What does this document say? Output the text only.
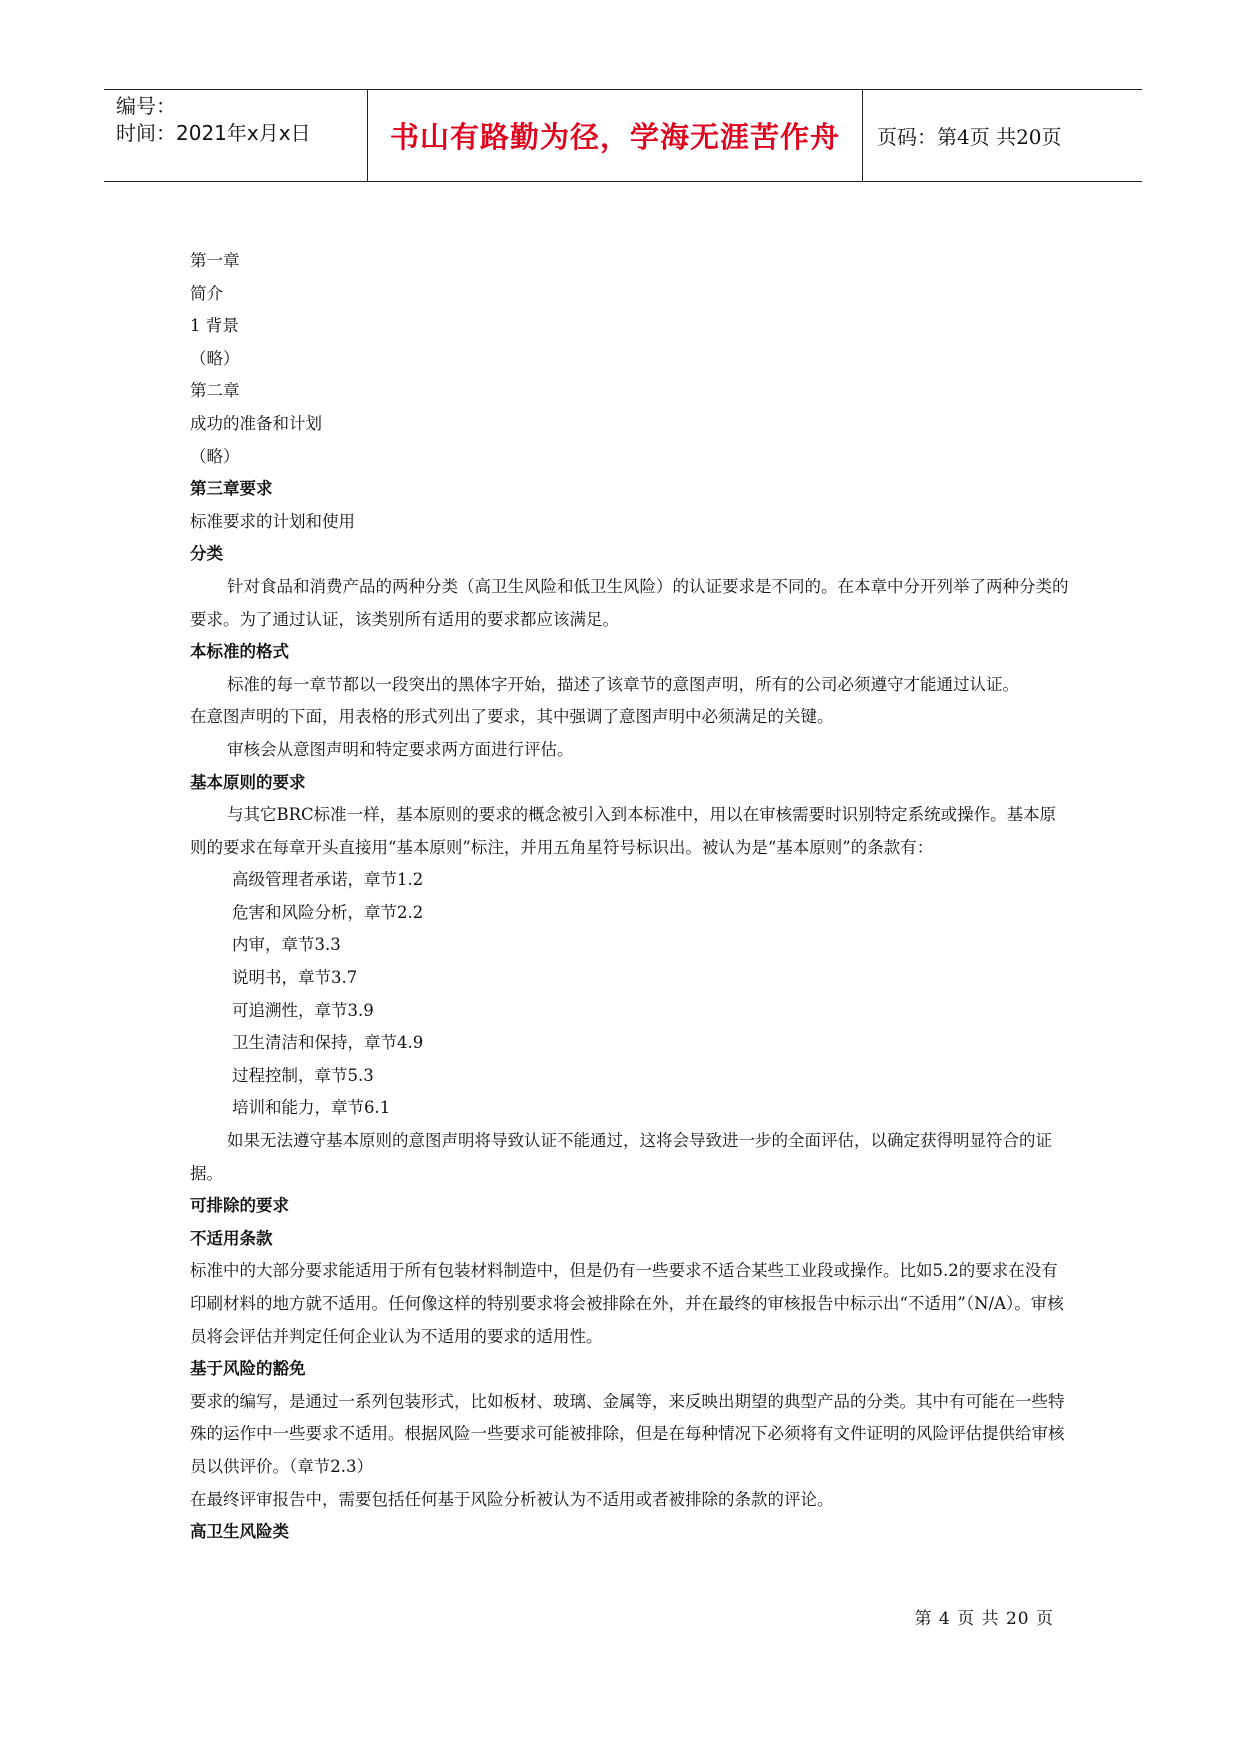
编号：
时间：2021年x月x日	书山有路勤为径，学海无涯苦作舟	页码：第4页 共20页

第一章

简介

1 背景

（略）

第二章

成功的准备和计划

（略）

第三章要求

标准要求的计划和使用

分类

针对食品和消费产品的两种分类（高卫生风险和低卫生风险）的认证要求是不同的。在本章中分开列举了两种分类的要求。为了通过认证，该类别所有适用的要求都应该满足。

本标准的格式

标准的每一章节都以一段突出的黑体字开始，描述了该章节的意图声明，所有的公司必须遵守才能通过认证。

在意图声明的下面，用表格的形式列出了要求，其中强调了意图声明中必须满足的关键。

审核会从意图声明和特定要求两方面进行评估。

基本原则的要求

与其它BRC标准一样，基本原则的要求的概念被引入到本标准中，用以在审核需要时识别特定系统或操作。基本原则的要求在每章开头直接用“基本原则”标注，并用五角星符号标识出。被认为是“基本原则”的条款有：

高级管理者承诺，章节1.2

危害和风险分析，章节2.2

内审，章节3.3

说明书，章节3.7

可追溯性，章节3.9

卫生清洁和保持，章节4.9

过程控制，章节5.3

培训和能力，章节6.1

如果无法遵守基本原则的意图声明将导致认证不能通过，这将会导致进一步的全面评估，以确定获得明显符合的证据。

可排除的要求

不适用条款

标准中的大部分要求能适用于所有包装材料制造中，但是仍有一些要求不适合某些工业段或操作。比如5.2的要求在没有印刷材料的地方就不适用。任何像这样的特别要求将会被排除在外，并在最终的审核报告中标示出“不适用”（N/A）。审核员将会评估并判定任何企业认为不适用的要求的适用性。

基于风险的豁免

要求的编写，是通过一系列包装形式，比如板材、玻璃、金属等，来反映出期望的典型产品的分类。其中有可能在一些特殊的运作中一些要求不适用。根据风险一些要求可能被排除，但是在每种情况下必须将有文件证明的风险评估提供给审核员以供评价。（章节2.3）

在最终评审报告中，需要包括任何基于风险分析被认为不适用或者被排除的条款的评论。

高卫生风险类

第 4 页 共 20 页
